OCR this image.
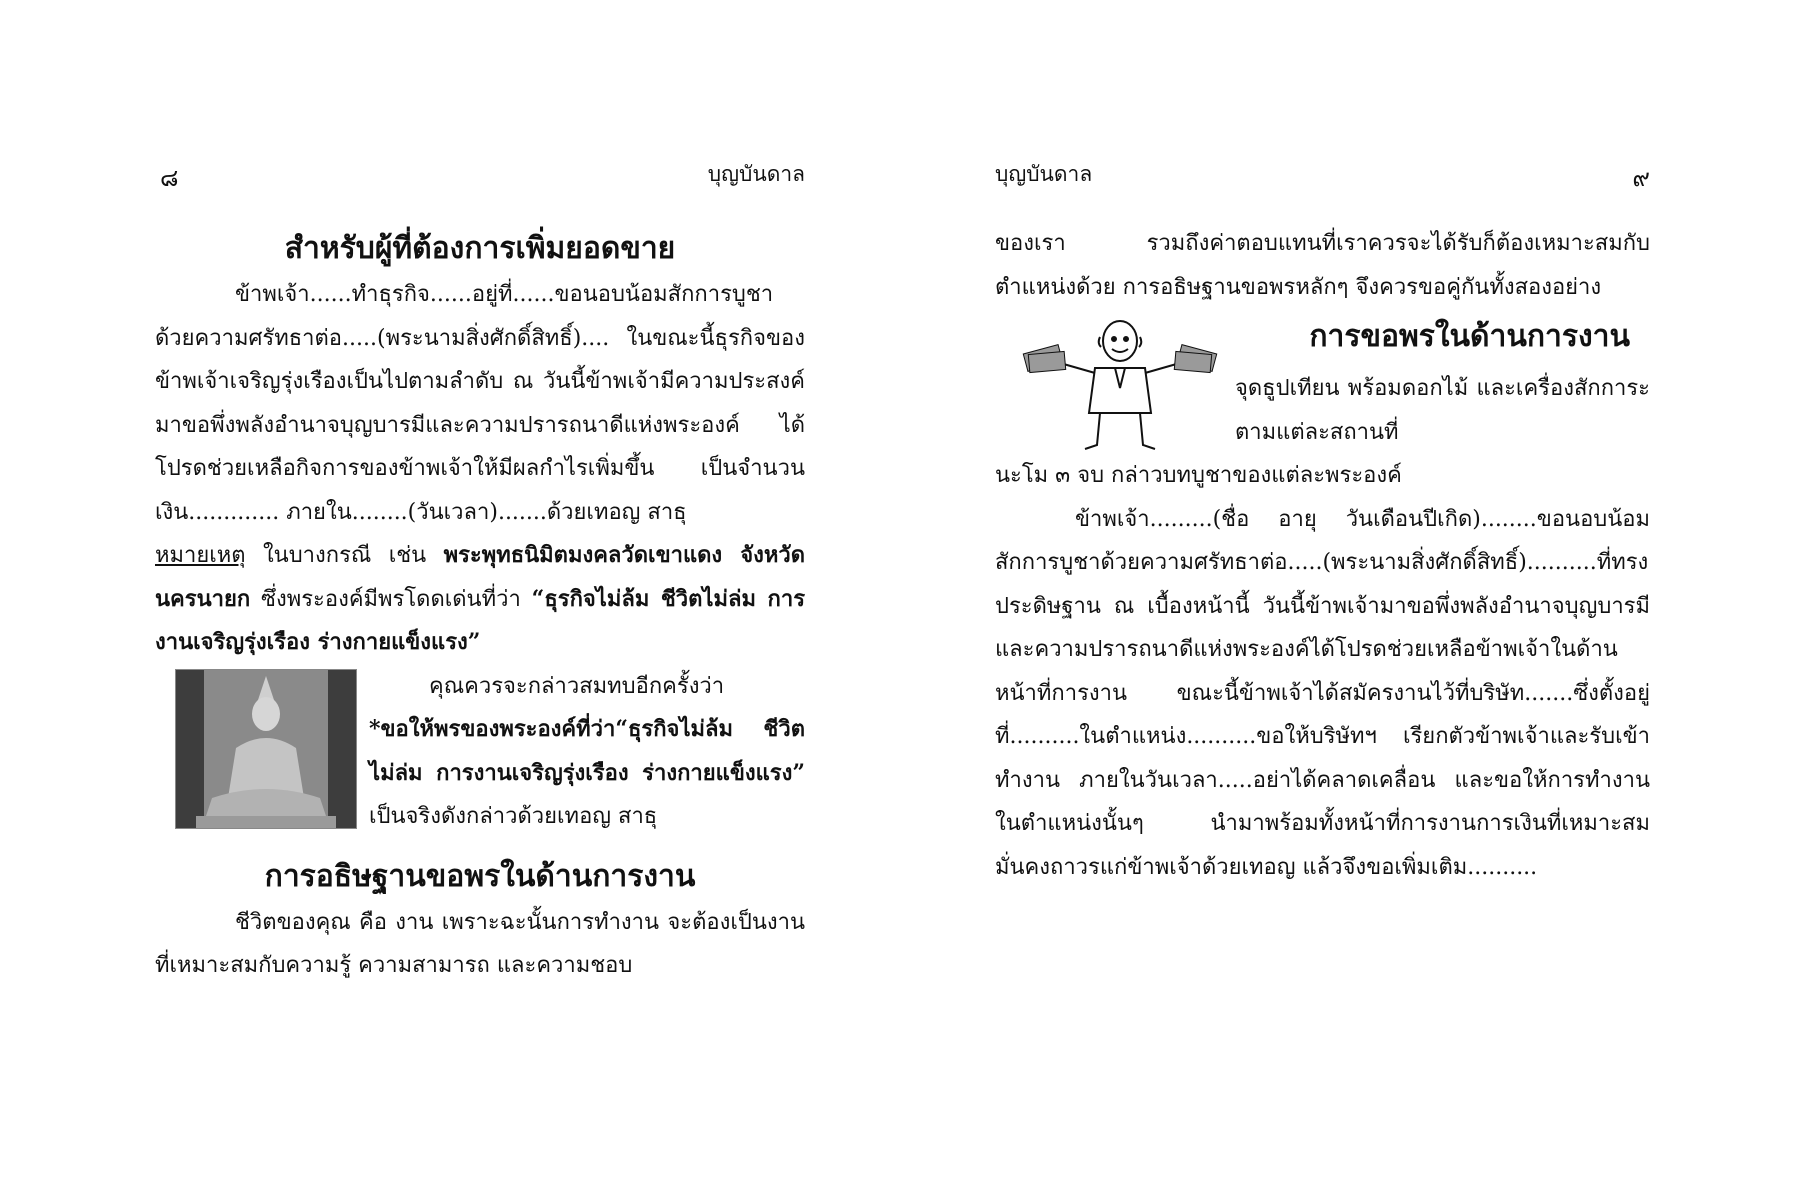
๘	บุญบันดาล
สำหรับผู้ที่ต้องการเพิ่มยอดขาย

ข้าพเจ้า......ทำธุรกิจ......อยู่ที่......ขอนอบน้อมสักการบูชาด้วยความศรัทธาต่อ.....(พระนามสิ่งศักดิ์สิทธิ์).... ในขณะนี้ธุรกิจของข้าพเจ้าเจริญรุ่งเรืองเป็นไปตามลำดับ ณ วันนี้ข้าพเจ้ามีความประสงค์มาขอพึ่งพลังอำนาจบุญบารมีและความปรารถนาดีแห่งพระองค์ ได้โปรดช่วยเหลือกิจการของข้าพเจ้าให้มีผลกำไรเพิ่มขึ้น เป็นจำนวนเงิน............. ภายใน........(วันเวลา).......ด้วยเทอญ สาธุ

หมายเหตุ ในบางกรณี เช่น พระพุทธนิมิตมงคลวัดเขาแดง จังหวัดนครนายก ซึ่งพระองค์มีพรโดดเด่นที่ว่า “ธุรกิจไม่ล้ม ชีวิตไม่ล่ม การงานเจริญรุ่งเรือง ร่างกายแข็งแรง”

คุณควรจะกล่าวสมทบอีกครั้งว่า

*ขอให้พรของพระองค์ที่ว่า“ธุรกิจไม่ล้ม ชีวิตไม่ล่ม การงานเจริญรุ่งเรือง ร่างกายแข็งแรง” เป็นจริงดังกล่าวด้วยเทอญ สาธุ

การอธิษฐานขอพรในด้านการงาน

ชีวิตของคุณ คือ งาน เพราะฉะนั้นการทำงาน จะต้องเป็นงานที่เหมาะสมกับความรู้ ความสามารถ และความชอบ

บุญบันดาล	๙

ของเรา รวมถึงค่าตอบแทนที่เราควรจะได้รับก็ต้องเหมาะสมกับตำแหน่งด้วย การอธิษฐานขอพรหลักๆ จึงควรขอคู่กันทั้งสองอย่าง

การขอพรในด้านการงาน

จุดธูปเทียน พร้อมดอกไม้ และเครื่องสักการะตามแต่ละสถานที่

นะโม ๓ จบ กล่าวบทบูชาของแต่ละพระองค์

ข้าพเจ้า.........(ชื่อ อายุ วันเดือนปีเกิด)........ขอนอบน้อมสักการบูชาด้วยความศรัทธาต่อ.....(พระนามสิ่งศักดิ์สิทธิ์)..........ที่ทรงประดิษฐาน ณ เบื้องหน้านี้ วันนี้ข้าพเจ้ามาขอพึ่งพลังอำนาจบุญบารมีและความปรารถนาดีแห่งพระองค์ได้โปรดช่วยเหลือข้าพเจ้าในด้านหน้าที่การงาน ขณะนี้ข้าพเจ้าได้สมัครงานไว้ที่บริษัท.......ซึ่งตั้งอยู่ที่..........ในตำแหน่ง..........ขอให้บริษัทฯ เรียกตัวข้าพเจ้าและรับเข้าทำงาน ภายในวันเวลา.....อย่าได้คลาดเคลื่อน และขอให้การทำงานในตำแหน่งนั้นๆ นำมาพร้อมทั้งหน้าที่การงานการเงินที่เหมาะสม มั่นคงถาวรแก่ข้าพเจ้าด้วยเทอญ แล้วจึงขอเพิ่มเติม..........
